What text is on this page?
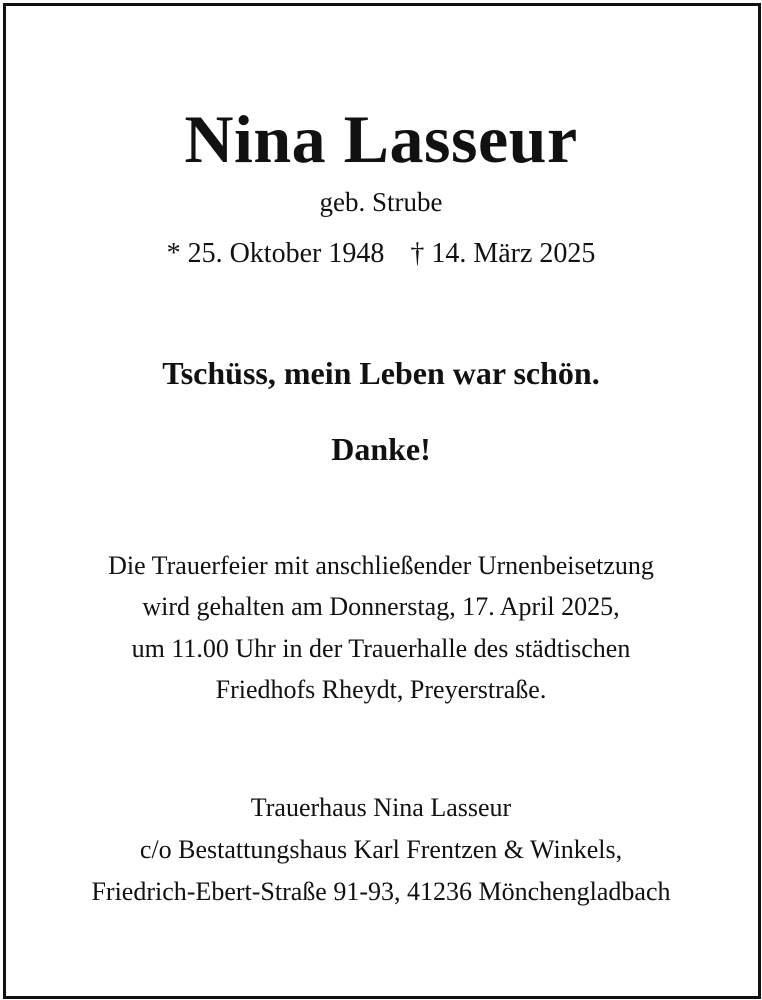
Nina Lasseur
geb. Strube
* 25. Oktober 1948 † 14. März 2025
Tschüss, mein Leben war schön.
Danke!
Die Trauerfeier mit anschließender Urnenbeisetzung
wird gehalten am Donnerstag, 17. April 2025,
um 11.00 Uhr in der Trauerhalle des städtischen
Friedhofs Rheydt, Preyerstraße.
Trauerhaus Nina Lasseur
c/o Bestattungshaus Karl Frentzen & Winkels,
Friedrich-Ebert-Straße 91-93, 41236 Mönchengladbach
